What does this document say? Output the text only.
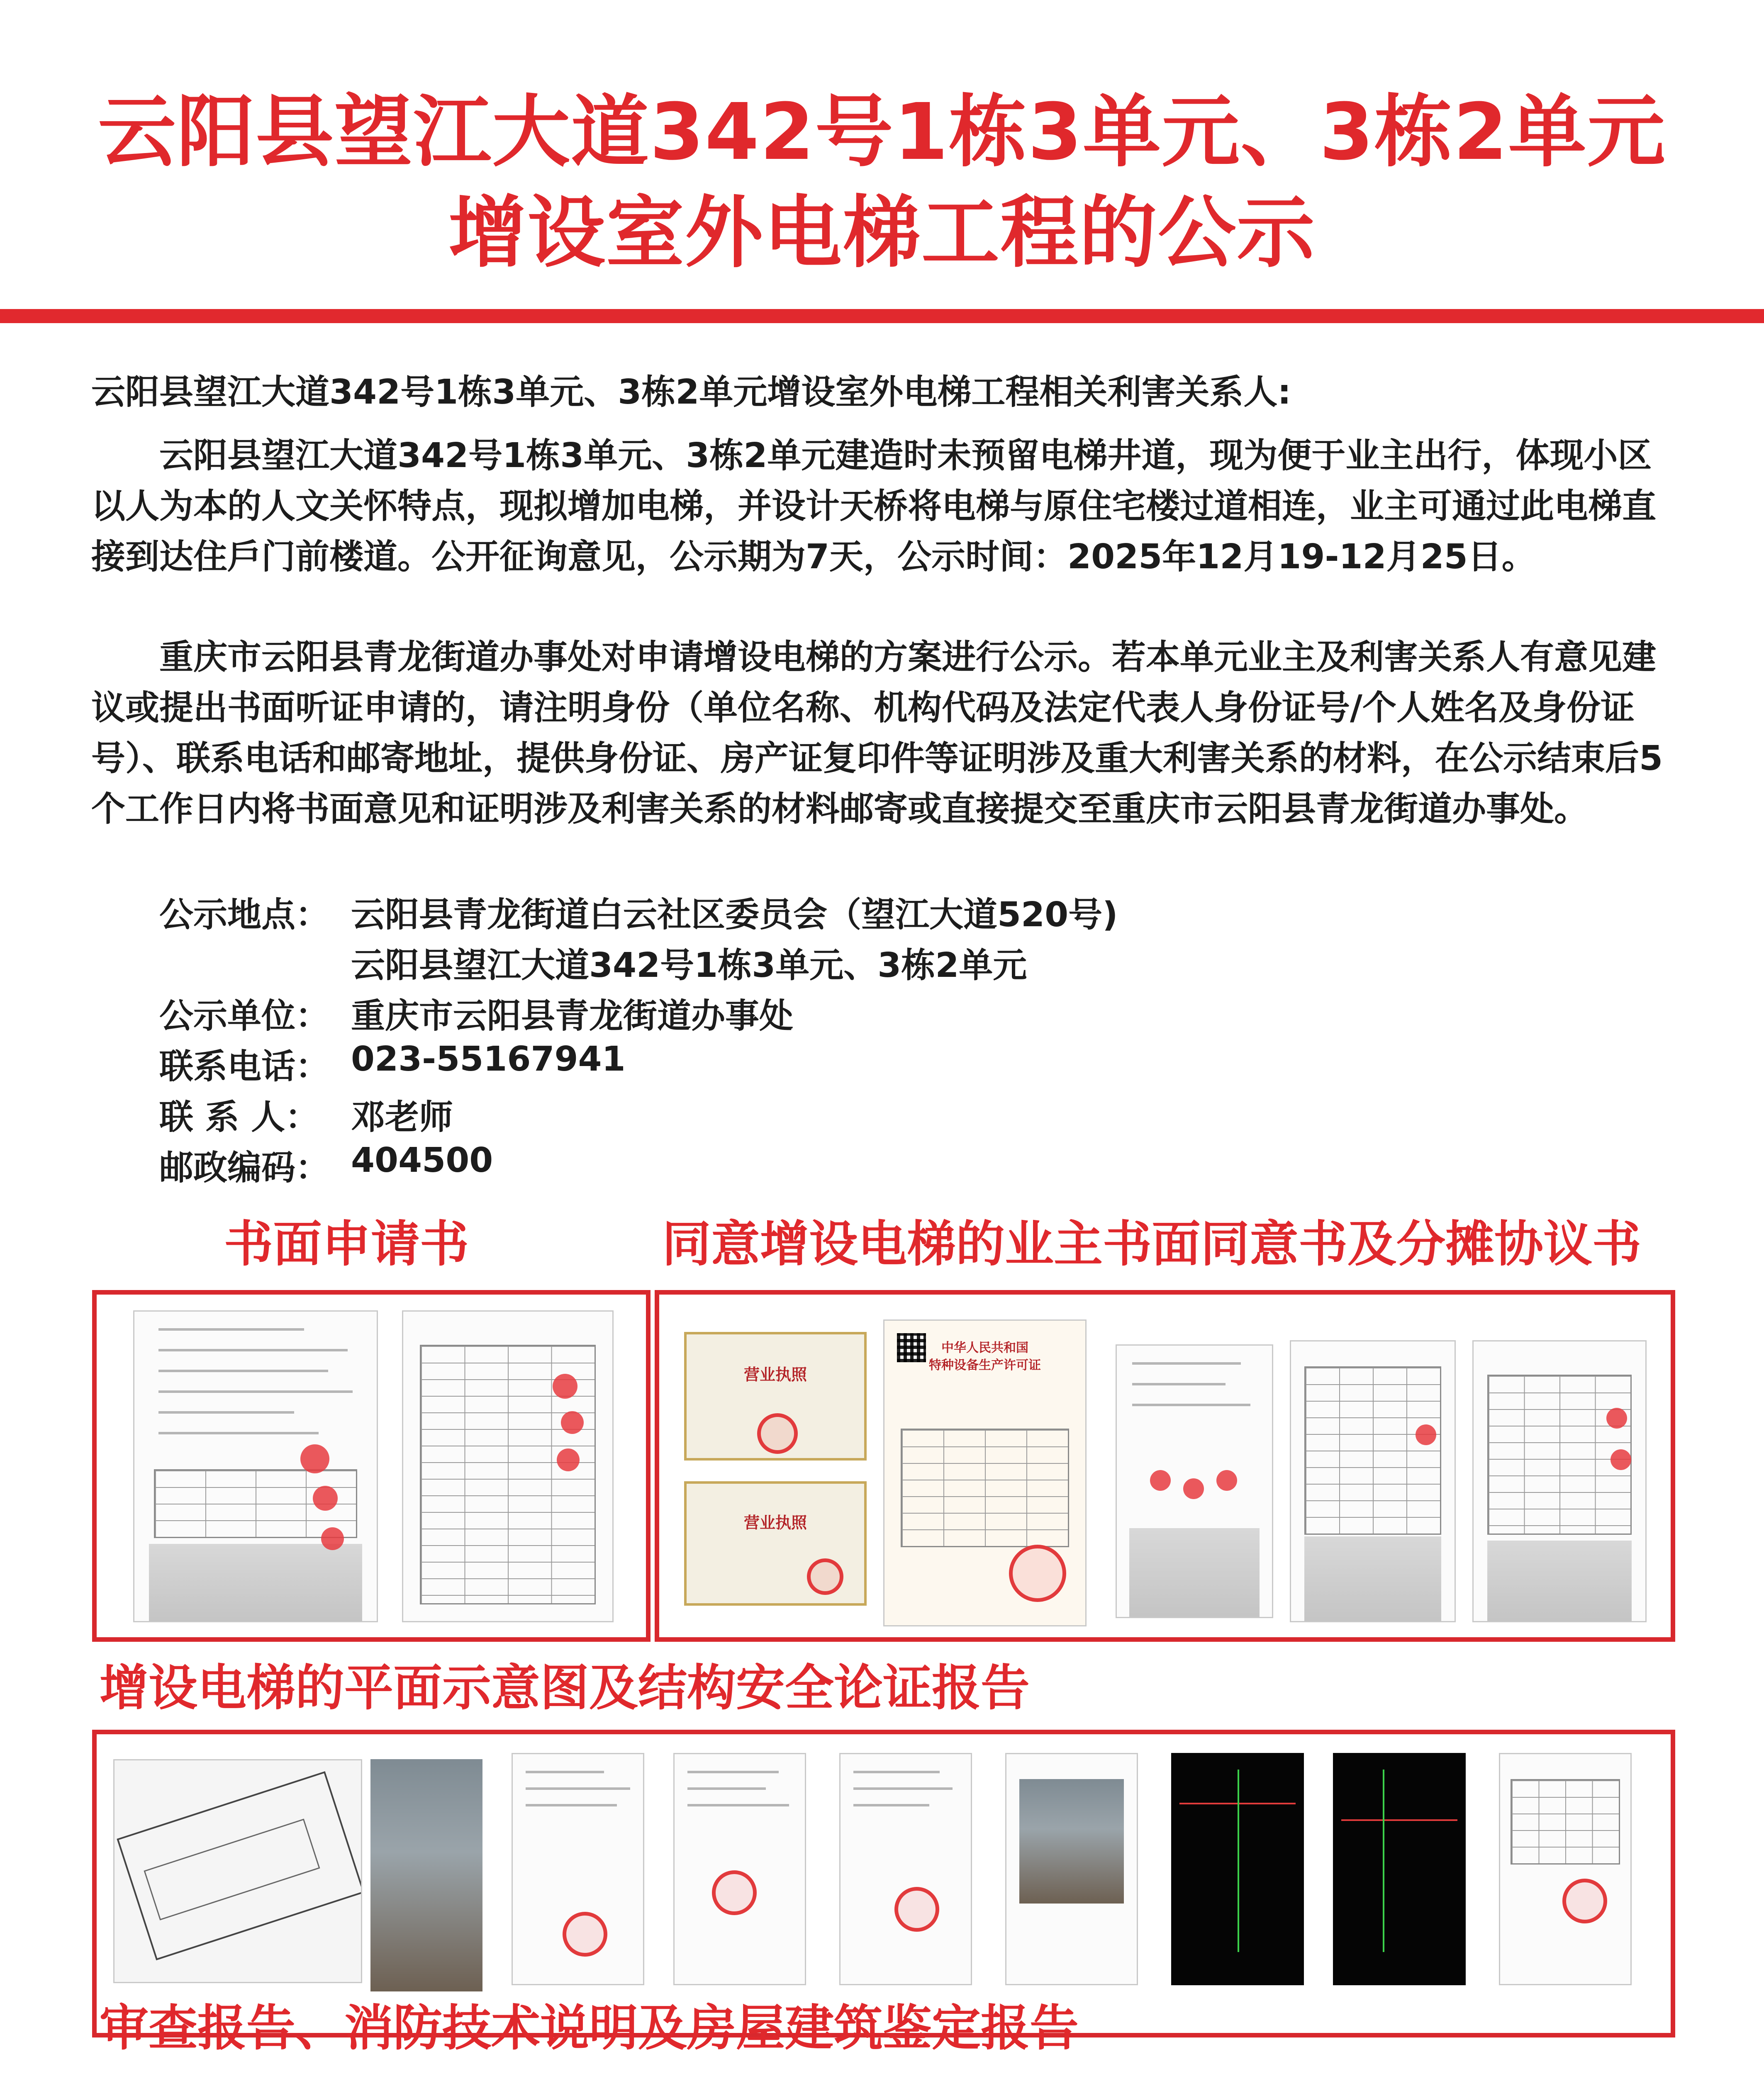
云阳县望江大道342号1栋3单元、3栋2单元
增设室外电梯工程的公示
云阳县望江大道342号1栋3单元、3栋2单元增设室外电梯工程相关利害关系人:
云阳县望江大道342号1栋3单元、3栋2单元建造时未预留电梯井道，现为便于业主出行，体现小区以人为本的人文关怀特点，现拟增加电梯，并设计天桥将电梯与原住宅楼过道相连，业主可通过此电梯直接到达住戶门前楼道。公开征询意见，公示期为7天，公示时间：2025年12月19-12月25日。
重庆市云阳县青龙街道办事处对申请增设电梯的方案进行公示。若本单元业主及利害关系人有意见建议或提出书面听证申请的，请注明身份（单位名称、机构代码及法定代表人身份证号/个人姓名及身份证号）、联系电话和邮寄地址，提供身份证、房产证复印件等证明涉及重大利害关系的材料，在公示结束后5个工作日内将书面意见和证明涉及利害关系的材料邮寄或直接提交至重庆市云阳县青龙街道办事处。
公示地点： 云阳县青龙街道白云社区委员会（望江大道520号)
云阳县望江大道342号1栋3单元、3栋2单元
公示单位： 重庆市云阳县青龙街道办事处
联系电话： 023-55167941
联 系 人： 邓老师
邮政编码： 404500
书面申请书	同意增设电梯的业主书面同意书及分摊协议书
营业执照
营业执照
中华人民共和国
特种设备生产许可证
增设电梯的平面示意图及结构安全论证报告
审查报告、消防技术说明及房屋建筑鉴定报告
